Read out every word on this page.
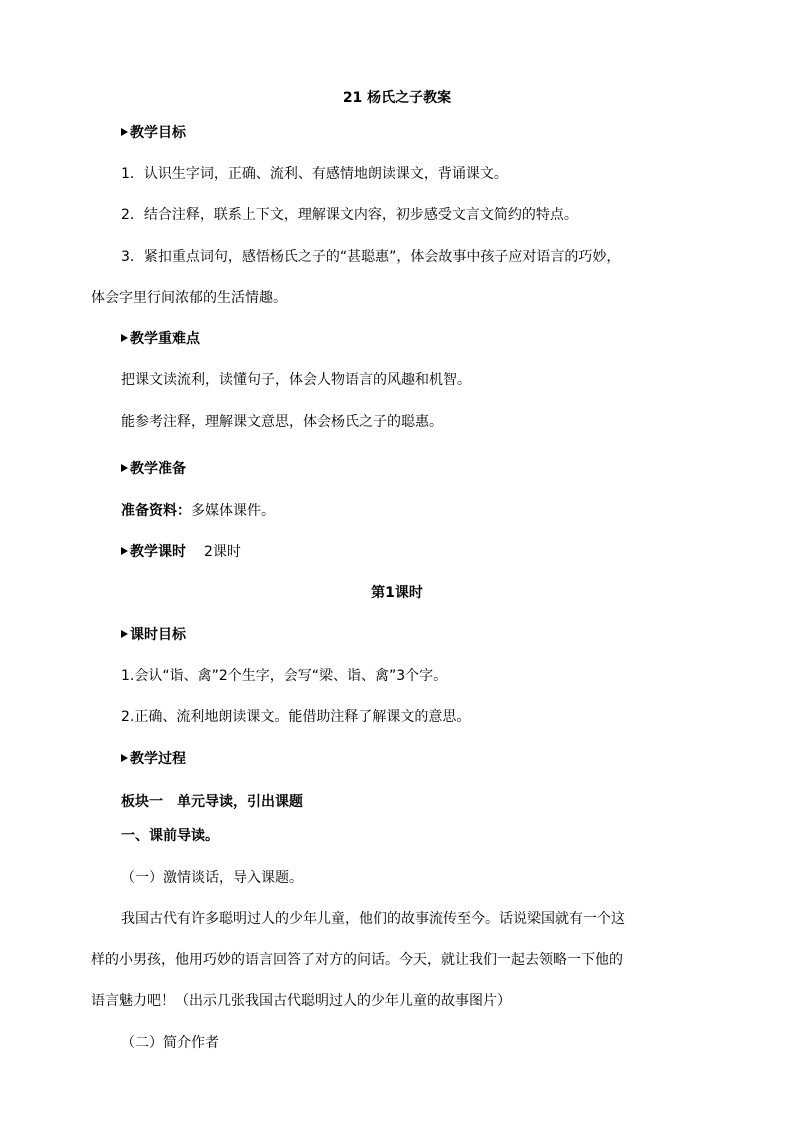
21 杨氏之子教案
教学目标
1．认识生字词，正确、流利、有感情地朗读课文，背诵课文。
2．结合注释，联系上下文，理解课文内容，初步感受文言文简约的特点。
3．紧扣重点词句，感悟杨氏之子的“甚聪惠”，体会故事中孩子应对语言的巧妙，
体会字里行间浓郁的生活情趣。
教学重难点
把课文读流利，读懂句子，体会人物语言的风趣和机智。
能参考注释，理解课文意思，体会杨氏之子的聪惠。
教学准备
准备资料：多媒体课件。
教学课时 2课时
第1课时
课时目标
1.会认“诣、禽”2个生字，会写“梁、诣、禽”3个字。
2.正确、流利地朗读课文。能借助注释了解课文的意思。
教学过程
板块一　单元导读，引出课题
一、课前导读。
（一）激情谈话，导入课题。
我国古代有许多聪明过人的少年儿童，他们的故事流传至今。话说梁国就有一个这
样的小男孩，他用巧妙的语言回答了对方的问话。今天，就让我们一起去领略一下他的
语言魅力吧！（出示几张我国古代聪明过人的少年儿童的故事图片）
（二）简介作者
